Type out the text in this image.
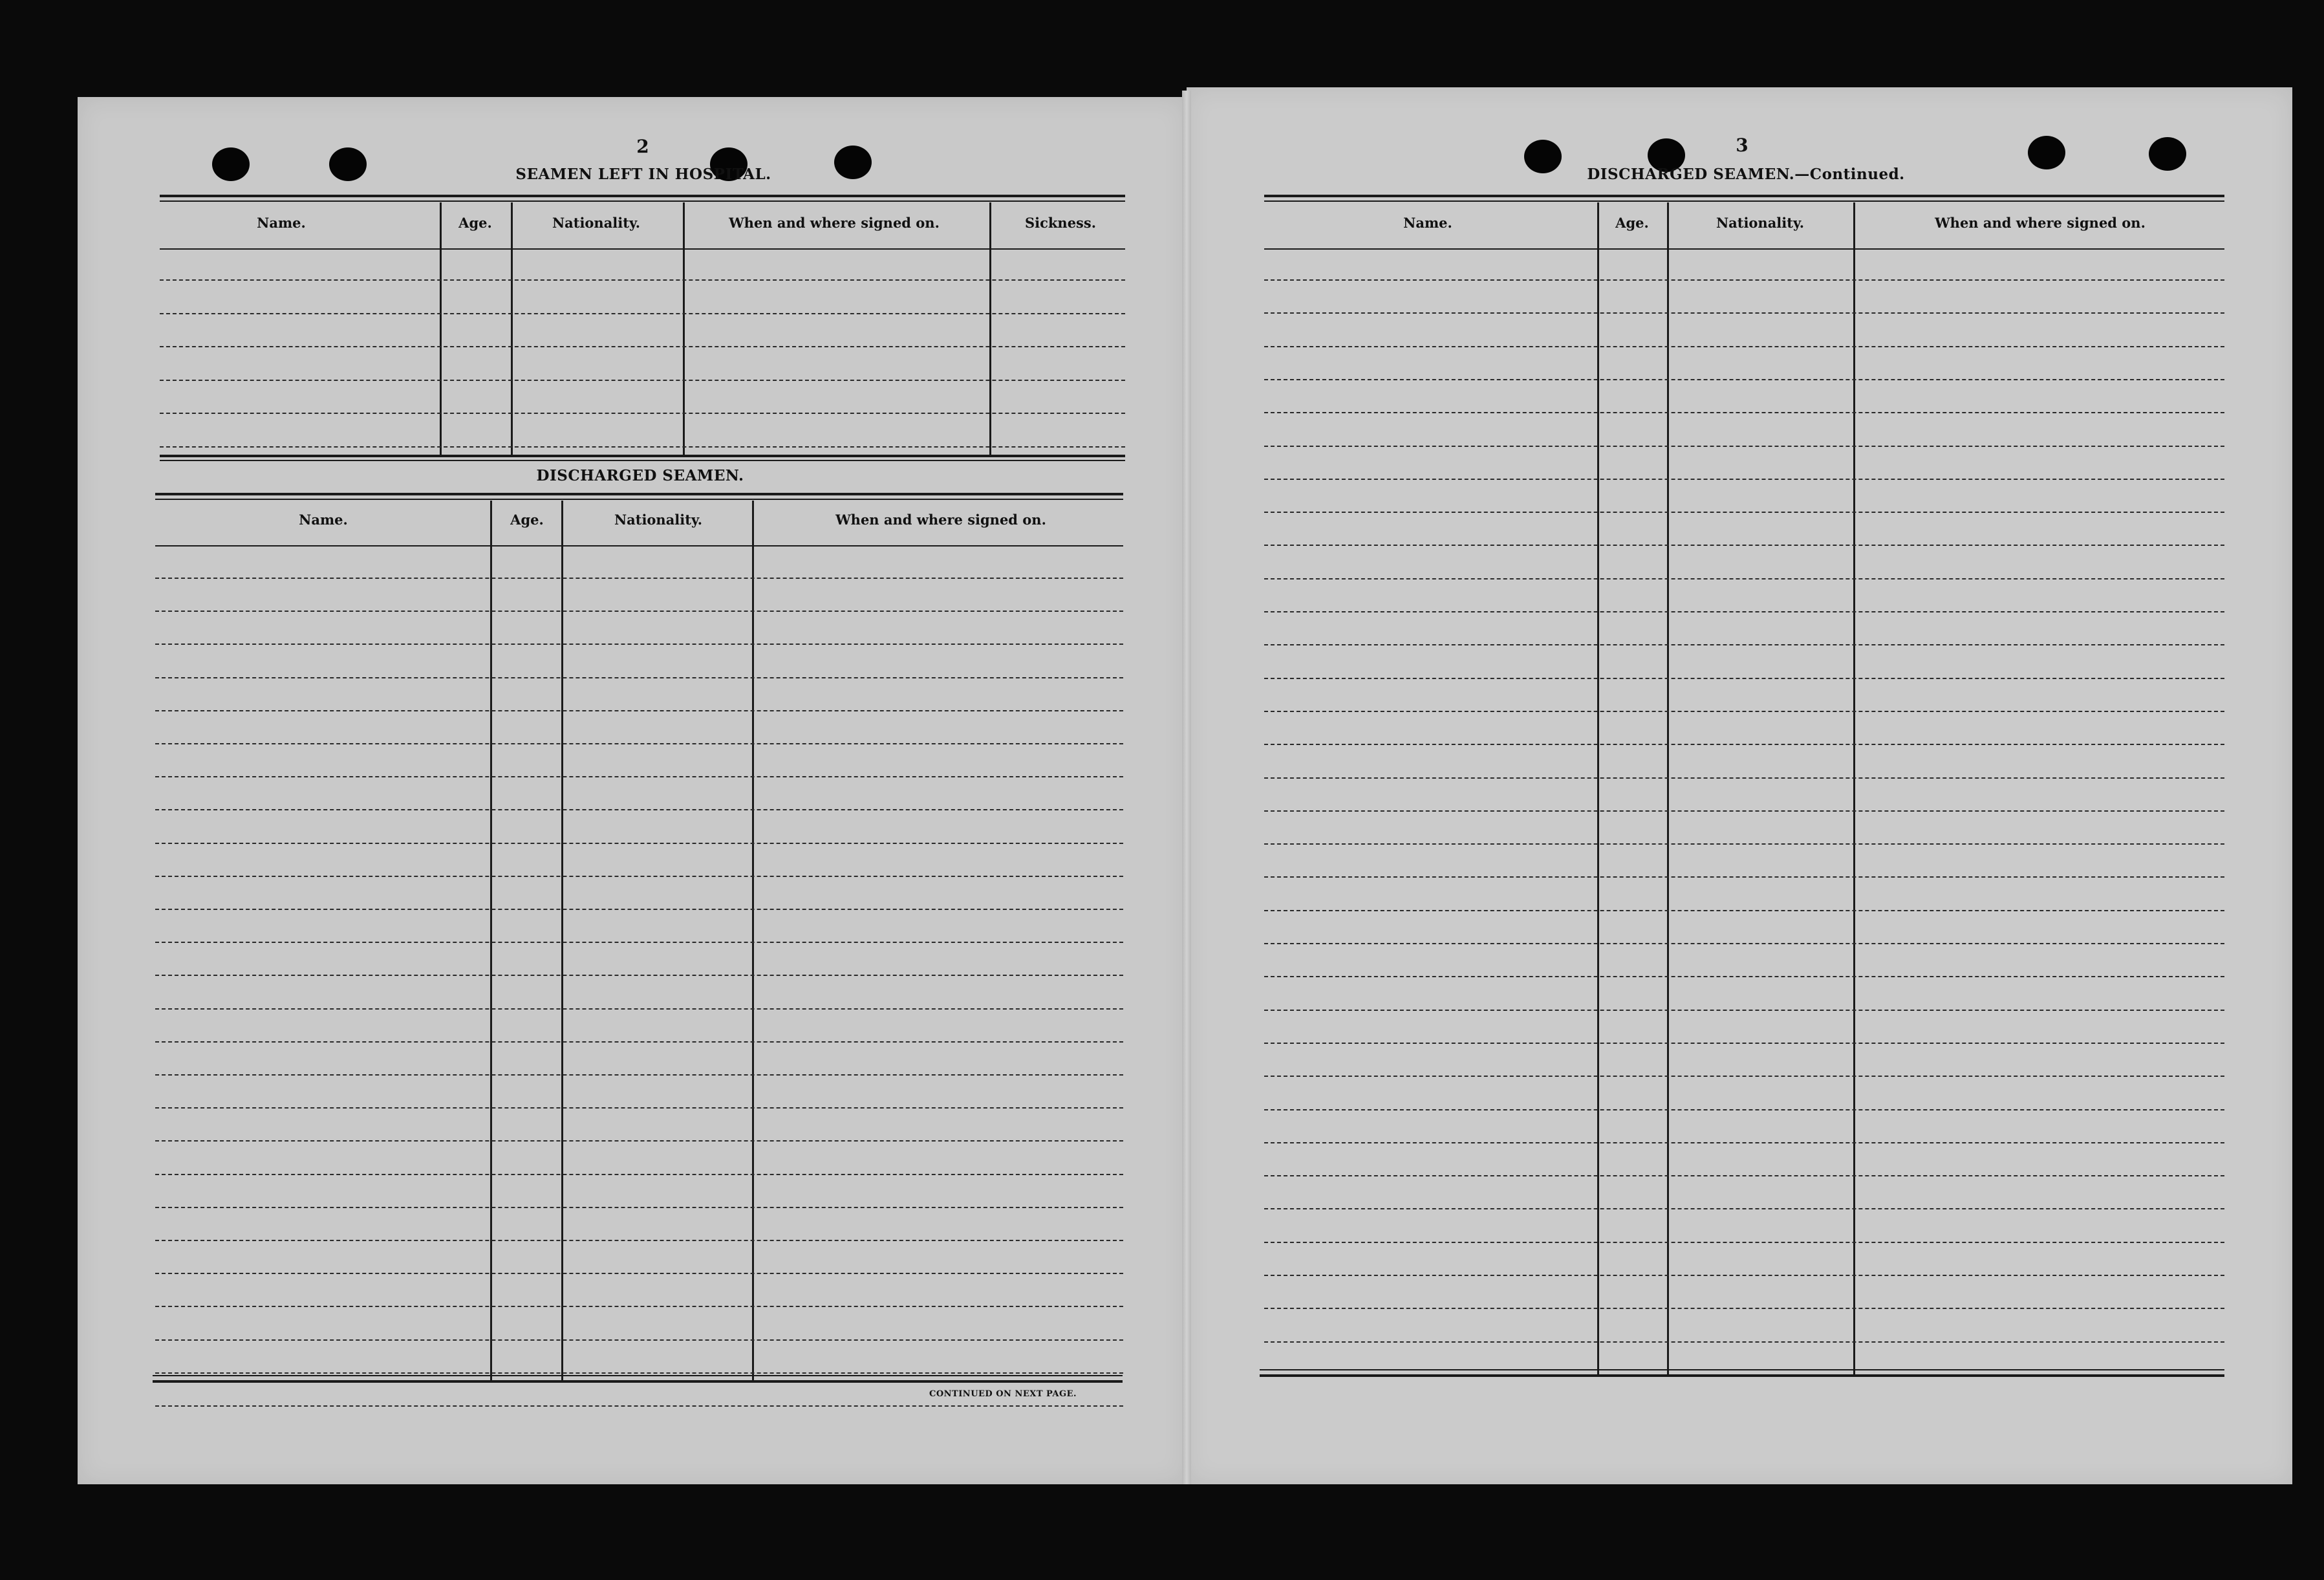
2
SEAMEN LEFT IN HOSPITAL.
Name.	Age.	Nationality.	When and where signed on.	Sickness.
Name.	Age.	Nationality.	When and where signed on.
DISCHARGED SEAMEN.
CONTINUED ON NEXT PAGE.
3
DISCHARGED SEAMEN.—Continued.
Name.	Age.	Nationality.	When and where signed on.
